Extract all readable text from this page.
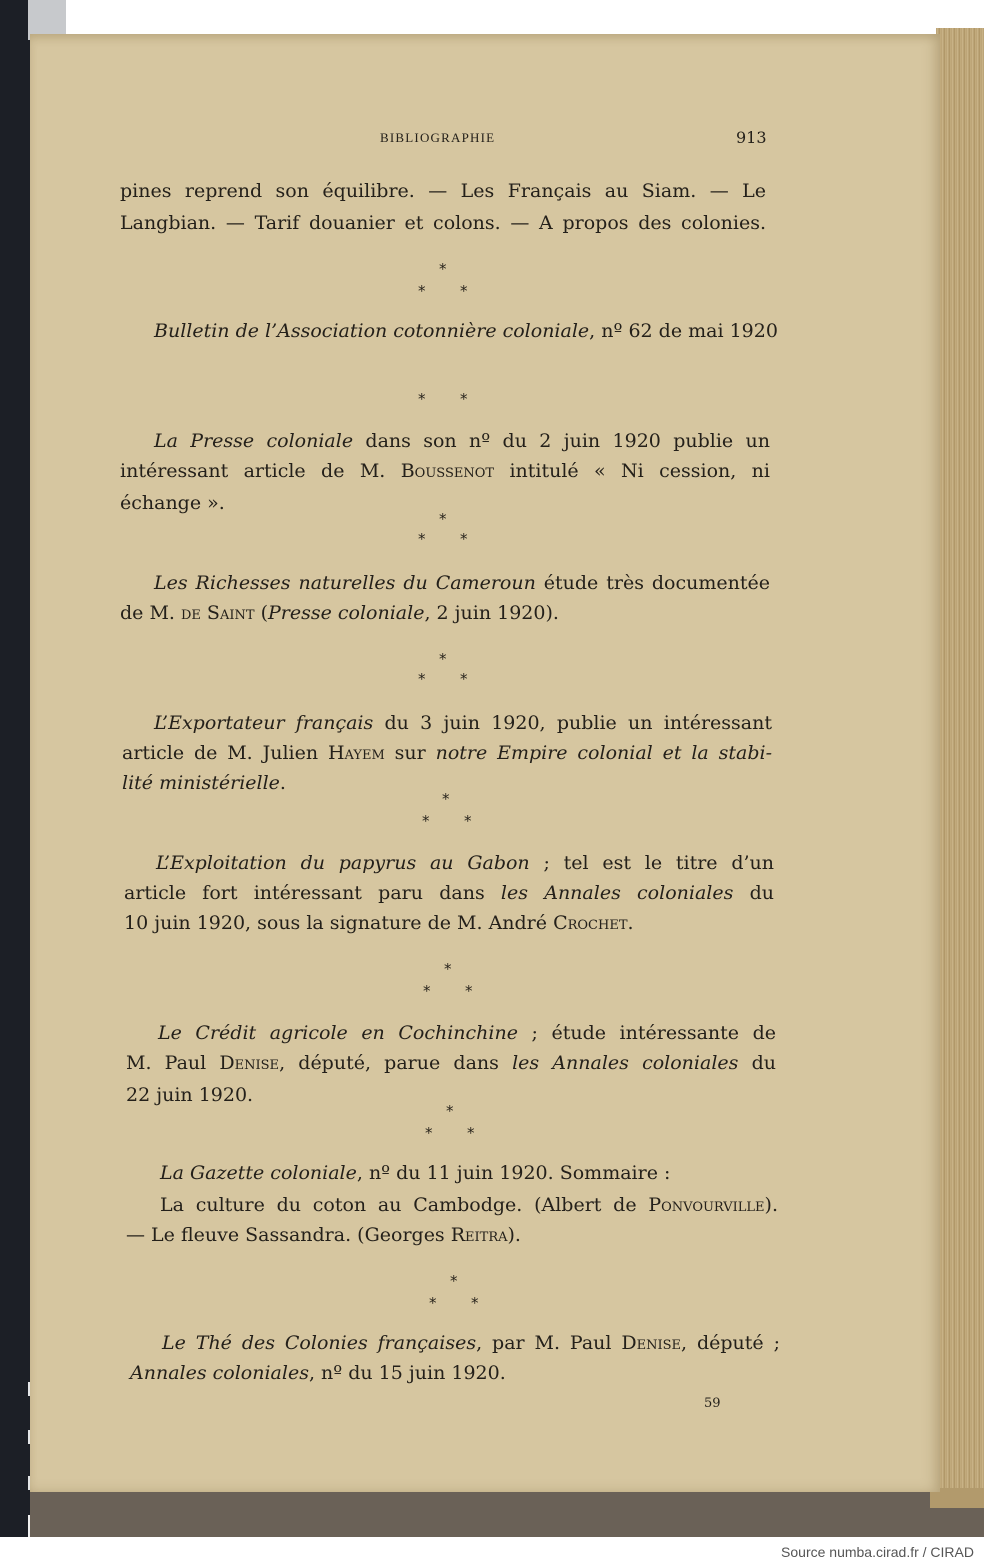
BIBLIOGRAPHIE	913
pines reprend son équilibre. — Les Français au Siam. — Le
Langbian. — Tarif douanier et colons. — A propos des colonies.
*
* *
Bulletin de l’Association cotonnière coloniale, nº 62 de mai 1920
* *
La Presse coloniale dans son nº du 2 juin 1920 publie un
intéressant article de M. Boussenot intitulé « Ni cession, ni
échange ».
*
* *
Les Richesses naturelles du Cameroun étude très documentée
de M. de Saint (Presse coloniale, 2 juin 1920).
*
* *
L’Exportateur français du 3 juin 1920, publie un intéressant
article de M. Julien Hayem sur notre Empire colonial et la stabi-
lité ministérielle.
*
* *
L’Exploitation du papyrus au Gabon ; tel est le titre d’un
article fort intéressant paru dans les Annales coloniales du
10 juin 1920, sous la signature de M. André Crochet.
*
* *
Le Crédit agricole en Cochinchine ; étude intéressante de
M. Paul Denise, député, parue dans les Annales coloniales du
22 juin 1920.
*
* *
La Gazette coloniale, nº du 11 juin 1920. Sommaire :
La culture du coton au Cambodge. (Albert de Ponvourville).
— Le fleuve Sassandra. (Georges Reitra).
*
* *
Le Thé des Colonies françaises, par M. Paul Denise, député ;
Annales coloniales, nº du 15 juin 1920.
59
Source numba.cirad.fr / CIRAD
